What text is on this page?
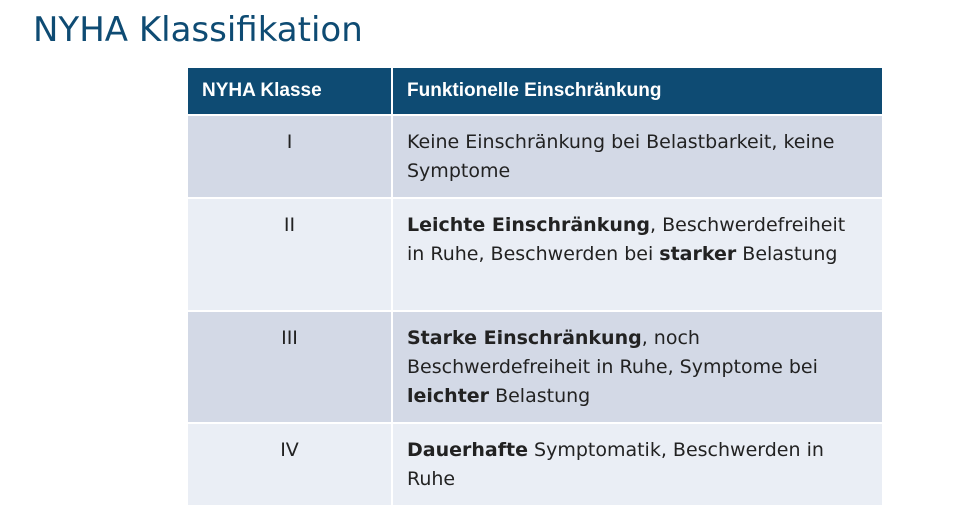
NYHA Klassifikation
NYHA Klasse	Funktionelle Einschränkung
I	Keine Einschränkung bei Belastbarkeit, keine Symptome
II	Leichte Einschränkung, Beschwerdefreiheit in Ruhe, Beschwerden bei starker Belastung
III	Starke Einschränkung, noch Beschwerdefreiheit in Ruhe, Symptome bei leichter Belastung
IV	Dauerhafte Symptomatik, Beschwerden in Ruhe
